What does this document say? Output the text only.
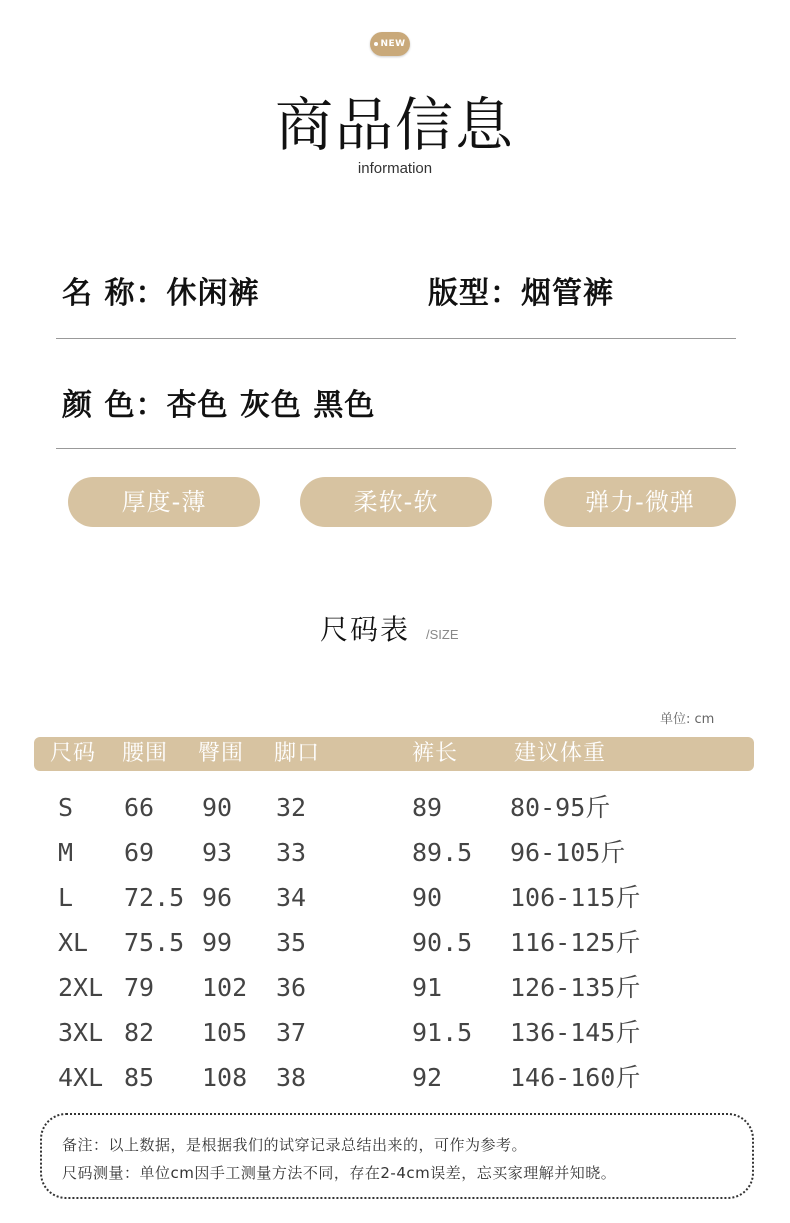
NEW
商品信息
information
名 称：休闲裤	版型：烟管裤
颜 色：杏色 灰色 黑色
厚度-薄	柔软-软	弹力-微弹
尺码表 /SIZE
单位: cm
尺码 腰围 臀围 脚口	裤长	建议体重
S 66 90 32	89	80-95斤
M 69 93 33	89.5 96-105斤
L 72.5 96 34	90	106-115斤
XL 75.5 99 35	90.5 116-125斤
2XL 79 102 36	91	126-135斤
3XL 82 105 37	91.5 136-145斤
4XL 85 108 38	92	146-160斤
备注：以上数据，是根据我们的试穿记录总结出来的，可作为参考。
尺码测量：单位cm因手工测量方法不同，存在2-4cm误差，忘买家理解并知晓。
